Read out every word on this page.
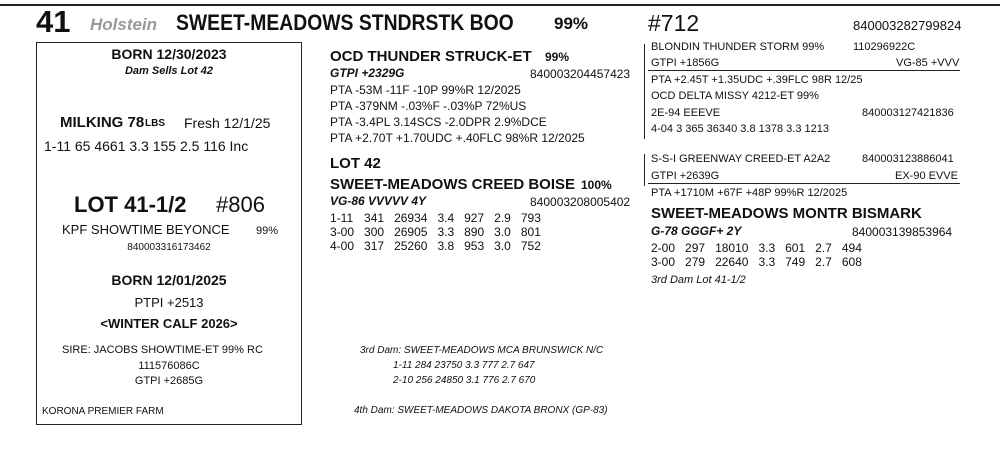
41 Holstein SWEET-MEADOWS STNDRSTK BOO 99%	#712	840003282799824
BORN 12/30/2023
Dam Sells Lot 42
MILKING 78 LBS Fresh 12/1/25
1-11 65 4661 3.3 155 2.5 116 Inc
LOT 41-1/2 #806
KPF SHOWTIME BEYONCE 99%
840003316173462
BORN 12/01/2025
PTPI +2513
<WINTER CALF 2026>
SIRE: JACOBS SHOWTIME-ET 99% RC
111576086C
GTPI +2685G
KORONA PREMIER FARM
OCD THUNDER STRUCK-ET 99%
GTPI +2329G	840003204457423
PTA -53M -11F -10P 99%R 12/2025
PTA -379NM -.03%F -.03%P 72%US
PTA -3.4PL 3.14SCS -2.0DPR 2.9%DCE
PTA +2.70T +1.70UDC +.40FLC 98%R 12/2025
LOT 42
SWEET-MEADOWS CREED BOISE 100%
VG-86 VVVVV 4Y	840003208005402
1-11	341	26934	3.4	927	2.9	793
3-00	300	26905	3.3	890	3.0	801
4-00	317	25260	3.8	953	3.0	752
3rd Dam: SWEET-MEADOWS MCA BRUNSWICK N/C
1-11 284 23750 3.3 777 2.7 647
2-10 256 24850 3.1 776 2.7 670
4th Dam: SWEET-MEADOWS DAKOTA BRONX (GP-83)
BLONDIN THUNDER STORM 99%	110296922C
GTPI +1856G	VG-85 +VVV
PTA +2.45T +1.35UDC +.39FLC 98R 12/25
OCD DELTA MISSY 4212-ET 99%
2E-94 EEEVE	840003127421836
4-04 3 365 36340 3.8 1378 3.3 1213
S-S-I GREENWAY CREED-ET A2A2	840003123886041
GTPI +2639G	EX-90 EVVE
PTA +1710M +67F +48P 99%R 12/2025
SWEET-MEADOWS MONTR BISMARK
G-78 GGGF+ 2Y	840003139853964
2-00	297	18010	3.3	601	2.7	494
3-00	279	22640	3.3	749	2.7	608
3rd Dam Lot 41-1/2
